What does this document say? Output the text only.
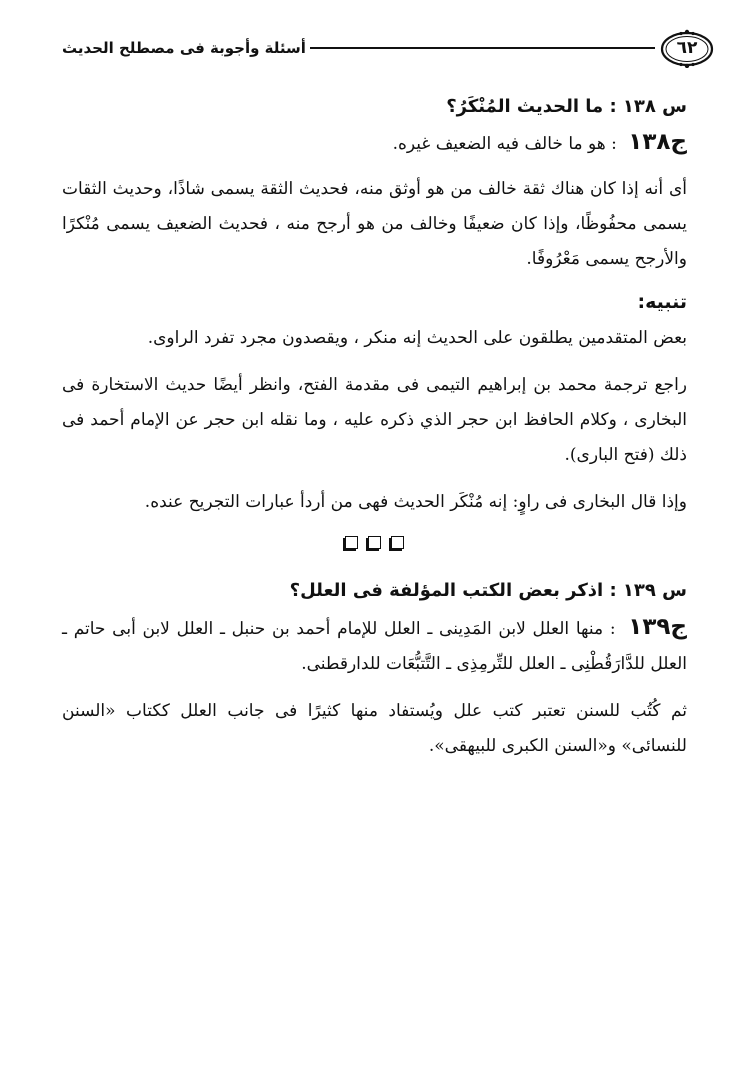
٦٢
أسئلة وأجوبة فى مصطلح الحديث
س ١٣٨ : ما الحديث المُنْكَرُ؟

ج١٣٨ : هو ما خالف فيه الضعيف غيره.

أى أنه إذا كان هناك ثقة خالف من هو أوثق منه، فحديث الثقة يسمى شاذًا، وحديث الثقات يسمى محفُوظًا، وإذا كان ضعيفًا وخالف من هو أرجح منه ، فحديث الضعيف يسمى مُنْكرًا والأرجح يسمى مَعْرُوفًا.

تنبيه:

بعض المتقدمين يطلقون على الحديث إنه منكر ، ويقصدون مجرد تفرد الراوى.

راجع ترجمة محمد بن إبراهيم التيمى فى مقدمة الفتح، وانظر أيضًا حديث الاستخارة فى البخارى ، وكلام الحافظ ابن حجر الذي ذكره عليه ، وما نقله ابن حجر عن الإمام أحمد فى ذلك (فتح البارى).

وإذا قال البخارى فى راوٍ: إنه مُنْكَر الحديث فهى من أردأ عبارات التجريح عنده.

س ١٣٩ : اذكر بعض الكتب المؤلفة فى العلل؟

ج١٣٩ : منها العلل لابن المَدِينى ـ العلل للإمام أحمد بن حنبل ـ العلل لابن أبى حاتم ـ العلل للدَّارَقُطْنِى ـ العلل للتِّرمِذِى ـ التَّتبُّعَات للدارقطنى.

ثم كُتُب للسنن تعتبر كتب علل ويُستفاد منها كثيرًا فى جانب العلل ككتاب «السنن للنسائى» و«السنن الكبرى للبيهقى».
